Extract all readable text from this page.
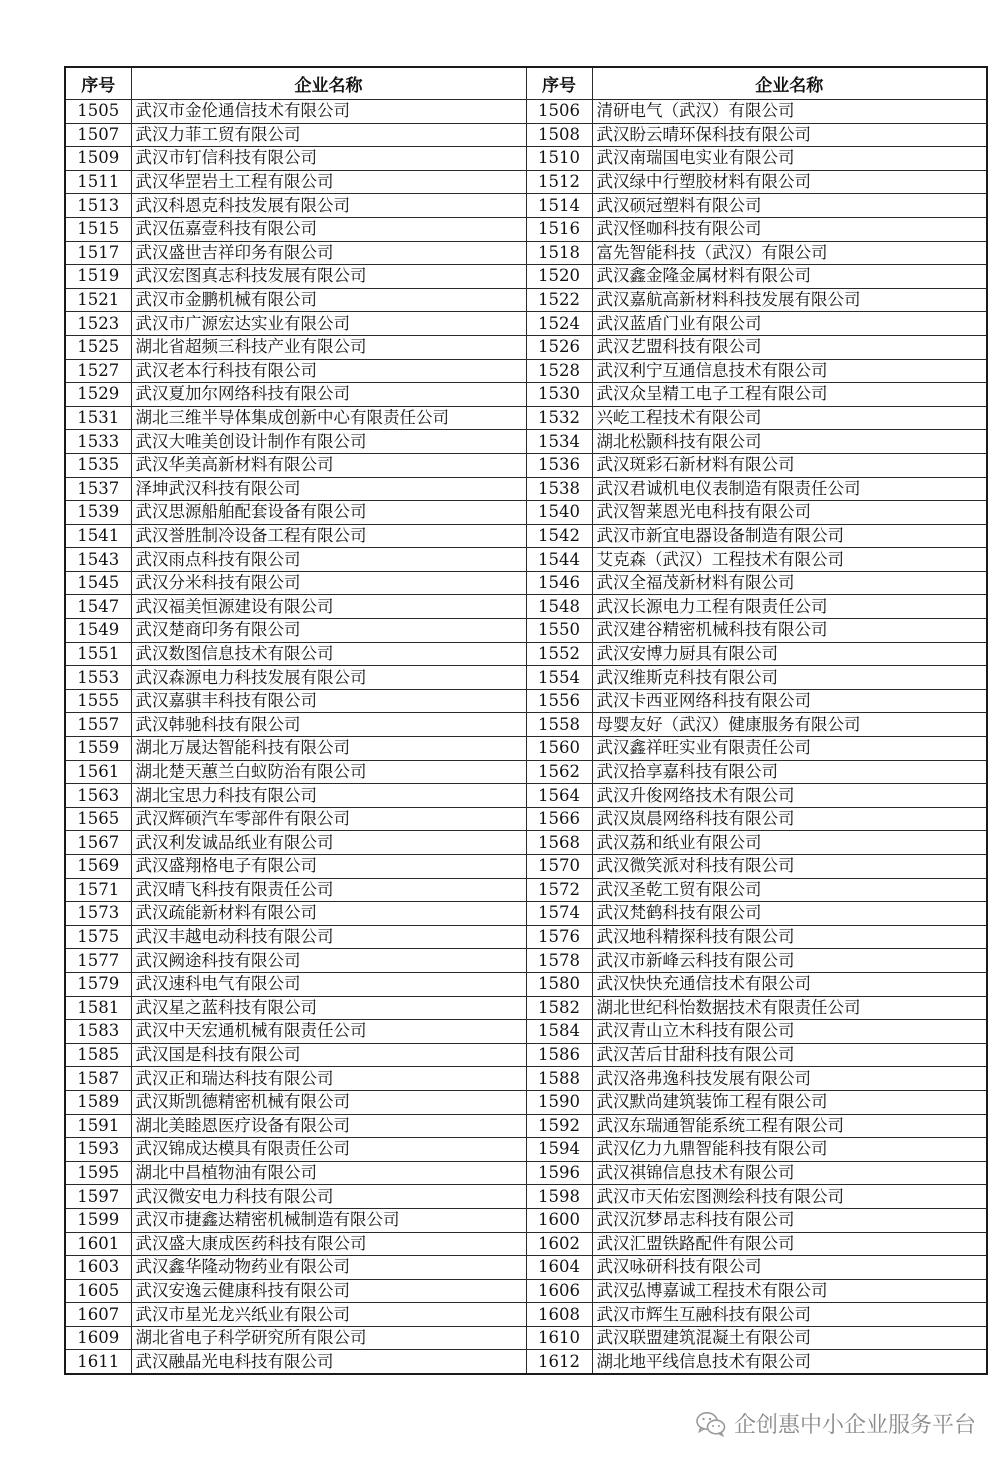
序号	企业名称	序号	企业名称
1505	武汉市金伦通信技术有限公司	1506	清研电气（武汉）有限公司
1507	武汉力菲工贸有限公司	1508	武汉盼云晴环保科技有限公司
1509	武汉市钉信科技有限公司	1510	武汉南瑞国电实业有限公司
1511	武汉华罡岩土工程有限公司	1512	武汉绿中行塑胶材料有限公司
1513	武汉科恩克科技发展有限公司	1514	武汉硕冠塑料有限公司
1515	武汉伍嘉壹科技有限公司	1516	武汉怪咖科技有限公司
1517	武汉盛世吉祥印务有限公司	1518	富先智能科技（武汉）有限公司
1519	武汉宏图真志科技发展有限公司	1520	武汉鑫金隆金属材料有限公司
1521	武汉市金鹏机械有限公司	1522	武汉嘉航高新材料科技发展有限公司
1523	武汉市广源宏达实业有限公司	1524	武汉蓝盾门业有限公司
1525	湖北省超频三科技产业有限公司	1526	武汉艺盟科技有限公司
1527	武汉老本行科技有限公司	1528	武汉利宁互通信息技术有限公司
1529	武汉夏加尔网络科技有限公司	1530	武汉众呈精工电子工程有限公司
1531	湖北三维半导体集成创新中心有限责任公司	1532	兴屹工程技术有限公司
1533	武汉大唯美创设计制作有限公司	1534	湖北松颢科技有限公司
1535	武汉华美高新材料有限公司	1536	武汉斑彩石新材料有限公司
1537	泽坤武汉科技有限公司	1538	武汉君诚机电仪表制造有限责任公司
1539	武汉思源船舶配套设备有限公司	1540	武汉智莱恩光电科技有限公司
1541	武汉誉胜制冷设备工程有限公司	1542	武汉市新宜电器设备制造有限公司
1543	武汉雨点科技有限公司	1544	艾克森（武汉）工程技术有限公司
1545	武汉分米科技有限公司	1546	武汉全福茂新材料有限公司
1547	武汉福美恒源建设有限公司	1548	武汉长源电力工程有限责任公司
1549	武汉楚商印务有限公司	1550	武汉建谷精密机械科技有限公司
1551	武汉数图信息技术有限公司	1552	武汉安博力厨具有限公司
1553	武汉森源电力科技发展有限公司	1554	武汉维斯克科技有限公司
1555	武汉嘉骐丰科技有限公司	1556	武汉卡西亚网络科技有限公司
1557	武汉韩驰科技有限公司	1558	母婴友好（武汉）健康服务有限公司
1559	湖北万晟达智能科技有限公司	1560	武汉鑫祥旺实业有限责任公司
1561	湖北楚天蕙兰白蚁防治有限公司	1562	武汉拾享嘉科技有限公司
1563	湖北宝思力科技有限公司	1564	武汉升俊网络技术有限公司
1565	武汉辉硕汽车零部件有限公司	1566	武汉岚晨网络科技有限公司
1567	武汉利发诚品纸业有限公司	1568	武汉荔和纸业有限公司
1569	武汉盛翔格电子有限公司	1570	武汉微笑派对科技有限公司
1571	武汉晴飞科技有限责任公司	1572	武汉圣乾工贸有限公司
1573	武汉疏能新材料有限公司	1574	武汉梵鹤科技有限公司
1575	武汉丰越电动科技有限公司	1576	武汉地科精探科技有限公司
1577	武汉阙途科技有限公司	1578	武汉市新峰云科技有限公司
1579	武汉速科电气有限公司	1580	武汉快快充通信技术有限公司
1581	武汉星之蓝科技有限公司	1582	湖北世纪科怡数据技术有限责任公司
1583	武汉中天宏通机械有限责任公司	1584	武汉青山立木科技有限公司
1585	武汉国是科技有限公司	1586	武汉苦后甘甜科技有限公司
1587	武汉正和瑞达科技有限公司	1588	武汉洛弗逸科技发展有限公司
1589	武汉斯凯德精密机械有限公司	1590	武汉默尚建筑装饰工程有限公司
1591	湖北美睦恩医疗设备有限公司	1592	武汉东瑞通智能系统工程有限公司
1593	武汉锦成达模具有限责任公司	1594	武汉亿力九鼎智能科技有限公司
1595	湖北中昌植物油有限公司	1596	武汉祺锦信息技术有限公司
1597	武汉微安电力科技有限公司	1598	武汉市天佑宏图测绘科技有限公司
1599	武汉市捷鑫达精密机械制造有限公司	1600	武汉沉梦昂志科技有限公司
1601	武汉盛大康成医药科技有限公司	1602	武汉汇盟铁路配件有限公司
1603	武汉鑫华隆动物药业有限公司	1604	武汉咏研科技有限公司
1605	武汉安逸云健康科技有限公司	1606	武汉弘博嘉诚工程技术有限公司
1607	武汉市星光龙兴纸业有限公司	1608	武汉市辉生互融科技有限公司
1609	湖北省电子科学研究所有限公司	1610	武汉联盟建筑混凝土有限公司
1611	武汉融晶光电科技有限公司	1612	湖北地平线信息技术有限公司
企创惠中小企业服务平台
